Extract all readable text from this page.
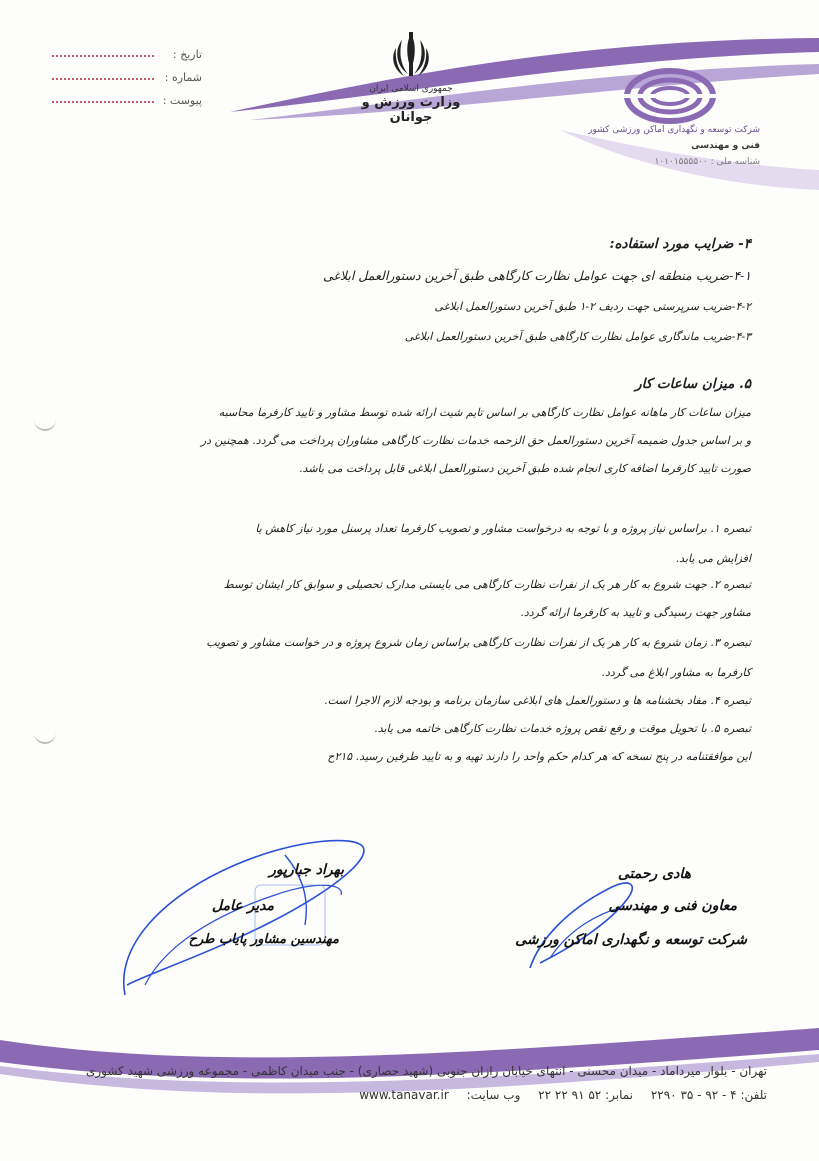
تاریخ :
شماره :
پیوست :
جمهوری اسلامی ایران
وزارت ورزش و جوانان
شرکت توسعه و نگهداری اماکن ورزشی کشور
فنی و مهندسی
شناسه ملی : ۱۰۱۰۱۵۵۵۵۰۰
۴- ضرایب مورد استفاده:
۴-۱-ضریب منطقه ای جهت عوامل نظارت کارگاهی طبق آخرین دستورالعمل ابلاغی
۴-۲-ضریب سرپرستی جهت ردیف ۲-۱ طبق آخرین دستورالعمل ابلاغی
۴-۳-ضریب ماندگاری عوامل نظارت کارگاهی طبق آخرین دستورالعمل ابلاغی
۵. میزان ساعات کار
میزان ساعات کار ماهانه عوامل نظارت کارگاهی بر اساس تایم شیت ارائه شده توسط مشاور و تایید کارفرما محاسبه
و بر اساس جدول ضمیمه آخرین دستورالعمل حق الزحمه خدمات نظارت کارگاهی مشاوران پرداخت می گردد. همچنین در
صورت تایید کارفرما اضافه کاری انجام شده طبق آخرین دستورالعمل ابلاغی قابل پرداخت می باشد.
تبصره ۱. براساس نیاز پروژه و با توجه به درخواست مشاور و تصویب کارفرما تعداد پرسنل مورد نیاز کاهش یا
افزایش می یابد.
تبصره ۲. جهت شروع به کار هر یک از نفرات نظارت کارگاهی می بایستی مدارک تحصیلی و سوابق کار ایشان توسط
مشاور جهت رسیدگی و تایید به کارفرما ارائه گردد.
تبصره ۳. زمان شروع به کار هر یک از نفرات نظارت کارگاهی براساس زمان شروع پروژه و در خواست مشاور و تصویب
کارفرما به مشاور ابلاغ می گردد.
تبصره ۴. مفاد بخشنامه ها و دستورالعمل های ابلاغی سازمان برنامه و بودجه لازم الاجرا است.
تبصره ۵. با تحویل موقت و رفع نقص پروژه خدمات نظارت کارگاهی خاتمه می یابد.
این موافقتنامه در پنج نسخه که هر کدام حکم واحد را دارند تهیه و به تایید طرفین رسید. ۲۱۵ح
بهراد جبارپور
مدیر عامل
مهندسین مشاور پایاب طرح
هادی رحمتی
معاون فنی و مهندسی
شرکت توسعه و نگهداری اماکن ورزشی
تهران - بلوار میرداماد - میدان محسنی - انتهای خیابان رازان جنوبی (شهید حصاری) - جنب میدان کاظمی - مجموعه ورزشی شهید کشوری
تلفن: ۴ - ۹۲ - ۳۵ ۲۲۹۰ نمابر: ۵۲ ۹۱ ۲۲ ۲۲ وب سایت: www.tanavar.ir
